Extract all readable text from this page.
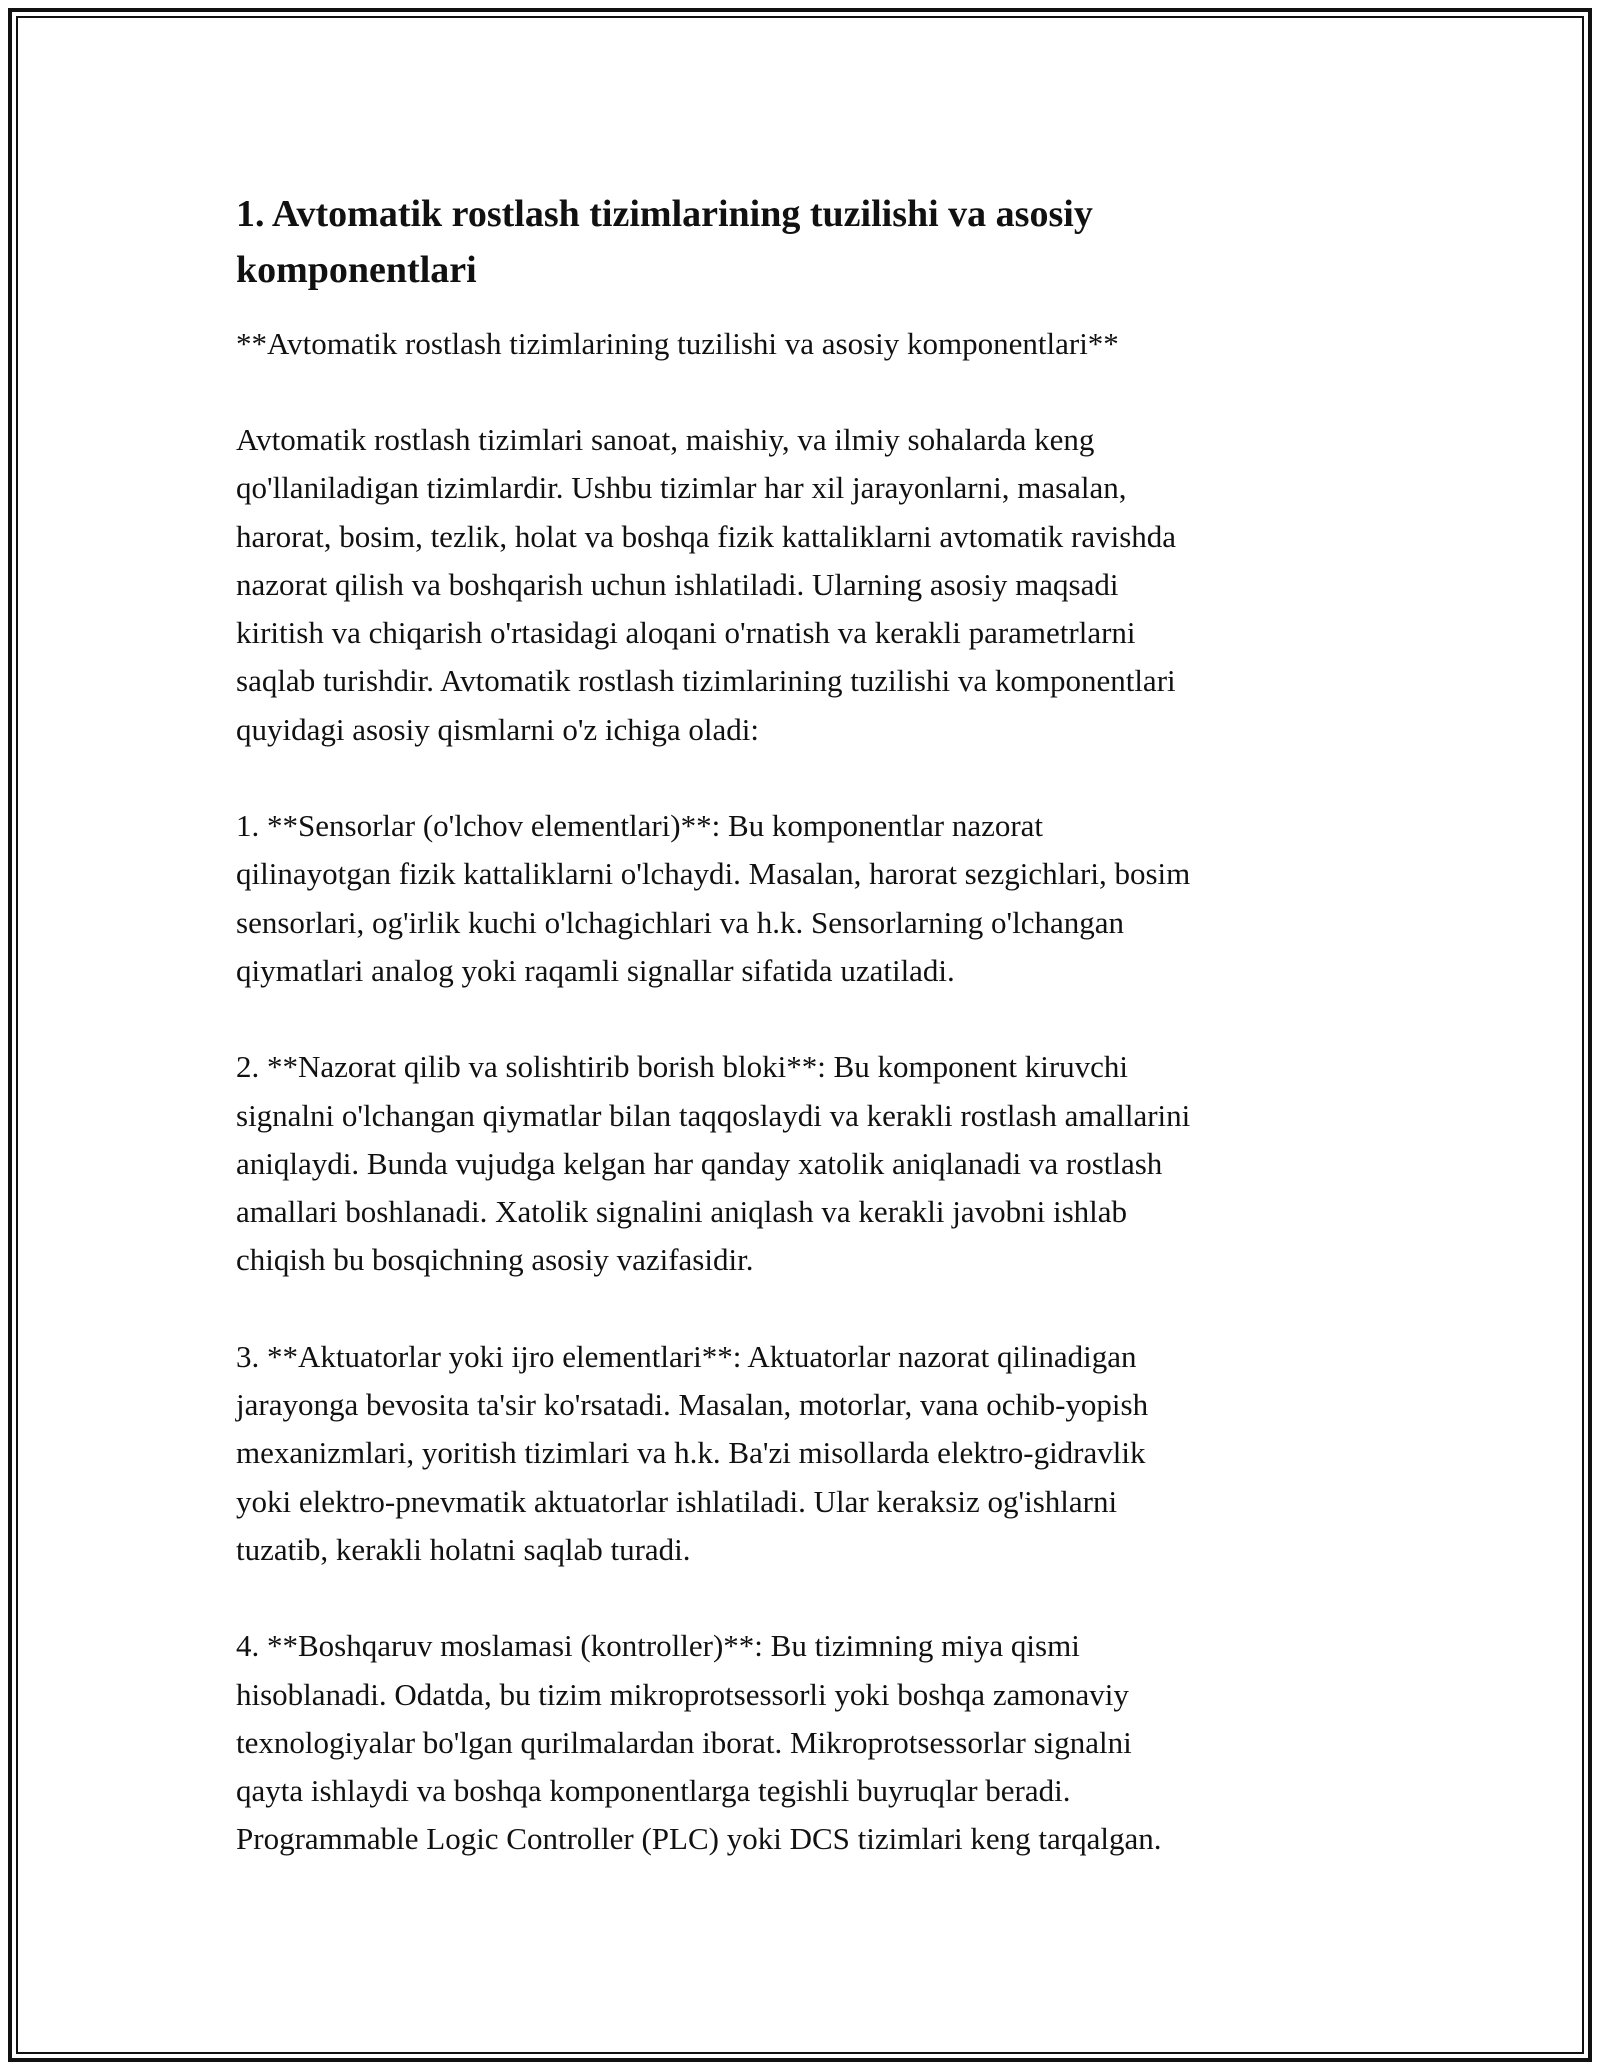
1. Avtomatik rostlash tizimlarining tuzilishi va asosiy komponentlari

**Avtomatik rostlash tizimlarining tuzilishi va asosiy komponentlari**

Avtomatik rostlash tizimlari sanoat, maishiy, va ilmiy sohalarda keng
qo'llaniladigan tizimlardir. Ushbu tizimlar har xil jarayonlarni, masalan,
harorat, bosim, tezlik, holat va boshqa fizik kattaliklarni avtomatik ravishda
nazorat qilish va boshqarish uchun ishlatiladi. Ularning asosiy maqsadi
kiritish va chiqarish o'rtasidagi aloqani o'rnatish va kerakli parametrlarni
saqlab turishdir. Avtomatik rostlash tizimlarining tuzilishi va komponentlari
quyidagi asosiy qismlarni o'z ichiga oladi:

1. **Sensorlar (o'lchov elementlari)**: Bu komponentlar nazorat
qilinayotgan fizik kattaliklarni o'lchaydi. Masalan, harorat sezgichlari, bosim
sensorlari, og'irlik kuchi o'lchagichlari va h.k. Sensorlarning o'lchangan
qiymatlari analog yoki raqamli signallar sifatida uzatiladi.

2. **Nazorat qilib va solishtirib borish bloki**: Bu komponent kiruvchi
signalni o'lchangan qiymatlar bilan taqqoslaydi va kerakli rostlash amallarini
aniqlaydi. Bunda vujudga kelgan har qanday xatolik aniqlanadi va rostlash
amallari boshlanadi. Xatolik signalini aniqlash va kerakli javobni ishlab
chiqish bu bosqichning asosiy vazifasidir.

3. **Aktuatorlar yoki ijro elementlari**: Aktuatorlar nazorat qilinadigan
jarayonga bevosita ta'sir ko'rsatadi. Masalan, motorlar, vana ochib-yopish
mexanizmlari, yoritish tizimlari va h.k. Ba'zi misollarda elektro-gidravlik
yoki elektro-pnevmatik aktuatorlar ishlatiladi. Ular keraksiz og'ishlarni
tuzatib, kerakli holatni saqlab turadi.

4. **Boshqaruv moslamasi (kontroller)**: Bu tizimning miya qismi
hisoblanadi. Odatda, bu tizim mikroprotsessorli yoki boshqa zamonaviy
texnologiyalar bo'lgan qurilmalardan iborat. Mikroprotsessorlar signalni
qayta ishlaydi va boshqa komponentlarga tegishli buyruqlar beradi.
Programmable Logic Controller (PLC) yoki DCS tizimlari keng tarqalgan.
